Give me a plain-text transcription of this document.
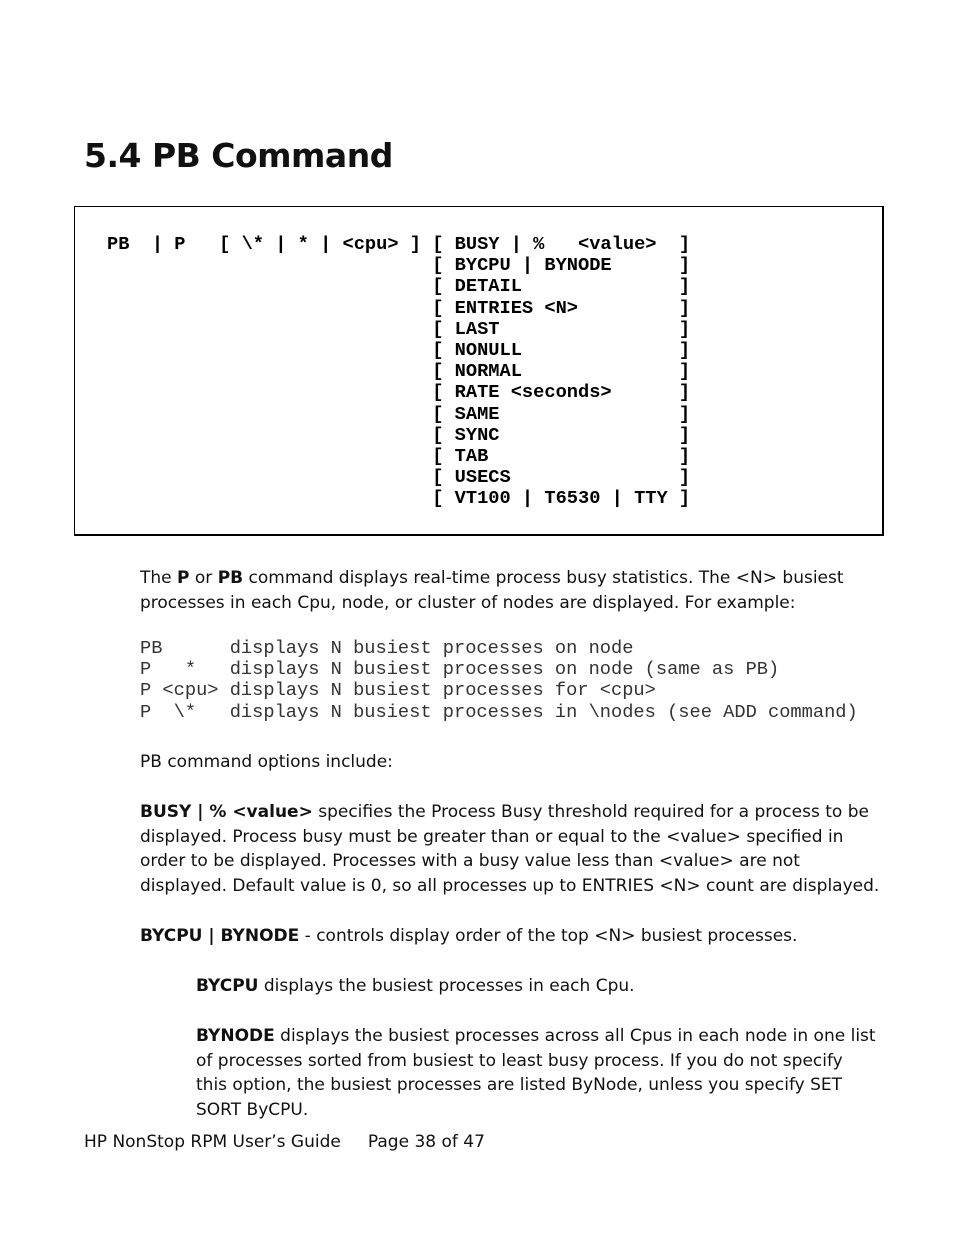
5.4 PB Command
PB  | P   [ \* | * | <cpu> ] [ BUSY | %   <value>  ]
[ BYCPU | BYNODE      ]
[ DETAIL              ]
[ ENTRIES <N>         ]
[ LAST                ]
[ NONULL              ]
[ NORMAL              ]
[ RATE <seconds>      ]
[ SAME                ]
[ SYNC                ]
[ TAB                 ]
[ USECS               ]
[ VT100 | T6530 | TTY ]

The P or PB command displays real-time process busy statistics. The <N> busiest processes in each Cpu, node, or cluster of nodes are displayed. For example:

PB      displays N busiest processes on node
P   *   displays N busiest processes on node (same as PB)
P <cpu> displays N busiest processes for <cpu>
P  \*   displays N busiest processes in \nodes (see ADD command)

PB command options include:

BUSY | % <value> specifies the Process Busy threshold required for a process to be displayed. Process busy must be greater than or equal to the <value> specified in order to be displayed. Processes with a busy value less than <value> are not displayed. Default value is 0, so all processes up to ENTRIES <N> count are displayed.

BYCPU | BYNODE - controls display order of the top <N> busiest processes.

BYCPU displays the busiest processes in each Cpu.

BYNODE displays the busiest processes across all Cpus in each node in one list of processes sorted from busiest to least busy process. If you do not specify this option, the busiest processes are listed ByNode, unless you specify SET SORT ByCPU.

HP NonStop RPM User’s Guide Page 38 of 47
